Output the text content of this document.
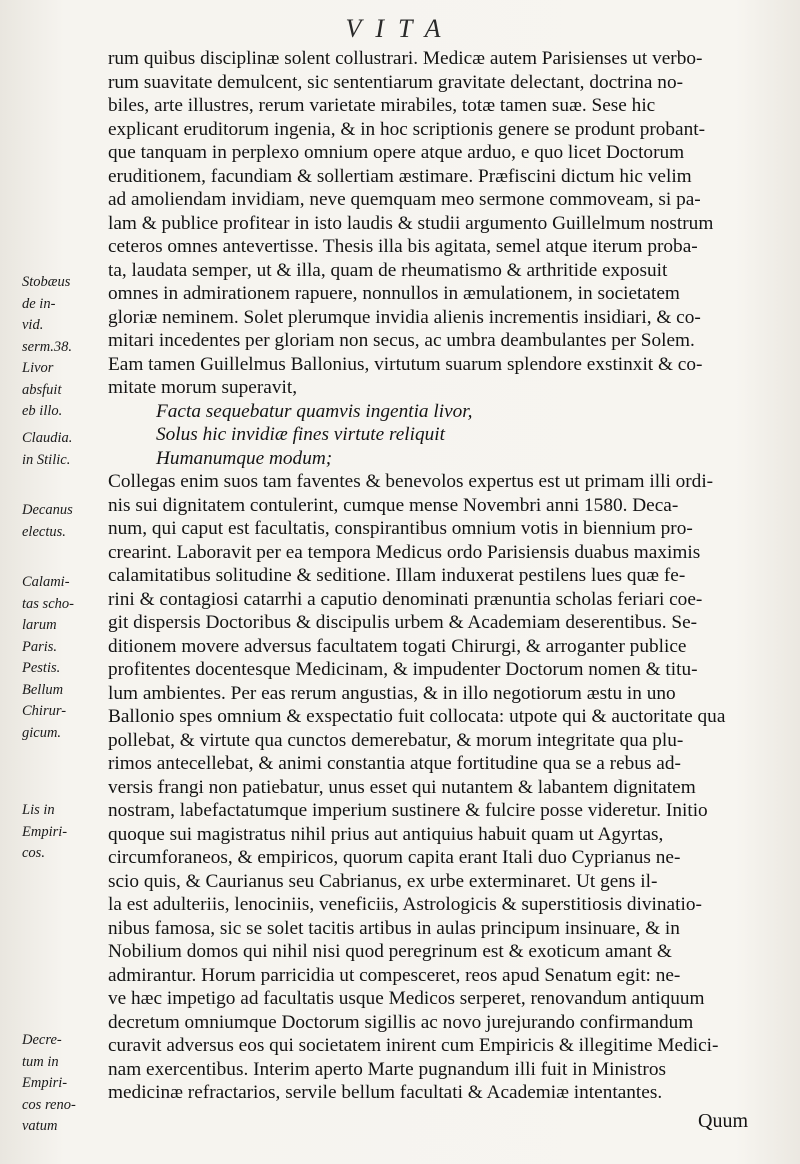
VITA
Stobæus
de in-
vid.
serm.38.
Livor
absfuit
eb illo.
Claudia.
in Stilic.
Decanus
electus.
Calami-
tas scho-
larum
Paris.
Pestis.
Bellum
Chirur-
gicum.
Lis in
Empiri-
cos.
Decre-
tum in
Empiri-
cos reno-
vatum
rum quibus disciplinæ solent collustrari. Medicæ autem Parisienses ut verbo-
rum suavitate demulcent, sic sententiarum gravitate delectant, doctrina no-
biles, arte illustres, rerum varietate mirabiles, totæ tamen suæ. Sese hic
explicant eruditorum ingenia, & in hoc scriptionis genere se produnt probant-
que tanquam in perplexo omnium opere atque arduo, e quo licet Doctorum
eruditionem, facundiam & sollertiam æstimare. Præfiscini dictum hic velim
ad amoliendam invidiam, neve quemquam meo sermone commoveam, si pa-
lam & publice profitear in isto laudis & studii argumento Guillelmum nostrum
ceteros omnes antevertisse. Thesis illa bis agitata, semel atque iterum proba-
ta, laudata semper, ut & illa, quam de rheumatismo & arthritide exposuit
omnes in admirationem rapuere, nonnullos in æmulationem, in societatem
gloriæ neminem. Solet plerumque invidia alienis incrementis insidiari, & co-
mitari incedentes per gloriam non secus, ac umbra deambulantes per Solem.
Eam tamen Guillelmus Ballonius, virtutum suarum splendore exstinxit & co-
mitate morum superavit,
Facta sequebatur quamvis ingentia livor,
Solus hic invidiæ fines virtute reliquit
Humanumque modum;
Collegas enim suos tam faventes & benevolos expertus est ut primam illi ordi-
nis sui dignitatem contulerint, cumque mense Novembri anni 1580. Deca-
num, qui caput est facultatis, conspirantibus omnium votis in biennium pro-
crearint. Laboravit per ea tempora Medicus ordo Parisiensis duabus maximis
calamitatibus solitudine & seditione. Illam induxerat pestilens lues quæ fe-
rini & contagiosi catarrhi a caputio denominati prænuntia scholas feriari coe-
git dispersis Doctoribus & discipulis urbem & Academiam deserentibus. Se-
ditionem movere adversus facultatem togati Chirurgi, & arroganter publice
profitentes docentesque Medicinam, & impudenter Doctorum nomen & titu-
lum ambientes. Per eas rerum angustias, & in illo negotiorum æstu in uno
Ballonio spes omnium & exspectatio fuit collocata: utpote qui & auctoritate qua
pollebat, & virtute qua cunctos demerebatur, & morum integritate qua plu-
rimos antecellebat, & animi constantia atque fortitudine qua se a rebus ad-
versis frangi non patiebatur, unus esset qui nutantem & labantem dignitatem
nostram, labefactatumque imperium sustinere & fulcire posse videretur. Initio
quoque sui magistratus nihil prius aut antiquius habuit quam ut Agyrtas,
circumforaneos, & empiricos, quorum capita erant Itali duo Cyprianus ne-
scio quis, & Caurianus seu Cabrianus, ex urbe exterminaret. Ut gens il-
la est adulteriis, lenociniis, veneficiis, Astrologicis & superstitiosis divinatio-
nibus famosa, sic se solet tacitis artibus in aulas principum insinuare, & in
Nobilium domos qui nihil nisi quod peregrinum est & exoticum amant &
admirantur. Horum parricidia ut compesceret, reos apud Senatum egit: ne-
ve hæc impetigo ad facultatis usque Medicos serperet, renovandum antiquum
decretum omniumque Doctorum sigillis ac novo jurejurando confirmandum
curavit adversus eos qui societatem inirent cum Empiricis & illegitime Medici-
nam exercentibus. Interim aperto Marte pugnandum illi fuit in Ministros
medicinæ refractarios, servile bellum facultati & Academiæ intentantes.
Quum
